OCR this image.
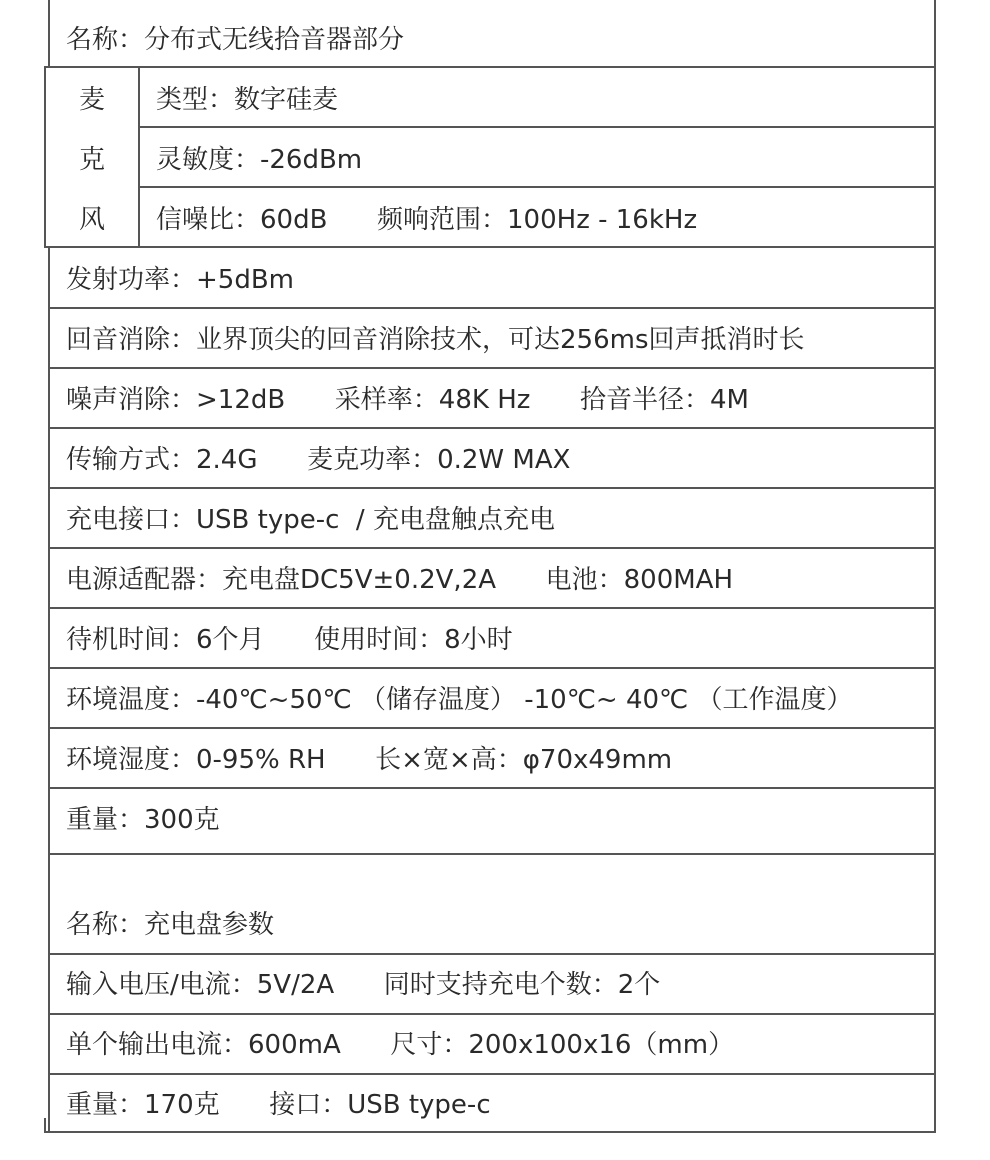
名称：分布式无线拾音器部分
麦
克
风
类型：数字硅麦
灵敏度：-26dBm
信噪比：60dB      频响范围：100Hz - 16kHz
发射功率：+5dBm
回音消除：业界顶尖的回音消除技术，可达256ms回声抵消时长
噪声消除：>12dB      采样率：48K Hz      拾音半径：4M
传输方式：2.4G      麦克功率：0.2W MAX
充电接口：USB type-c  / 充电盘触点充电
电源适配器：充电盘DC5V±0.2V,2A      电池：800MAH
待机时间：6个月      使用时间：8小时
环境温度：-40℃~50℃ （储存温度） -10℃~ 40℃ （工作温度）
环境湿度：0-95% RH      长×宽×高：φ70x49mm
重量：300克
名称：充电盘参数
输入电压/电流：5V/2A      同时支持充电个数：2个
单个输出电流：600mA      尺寸：200x100x16（mm）
重量：170克      接口：USB type-c
